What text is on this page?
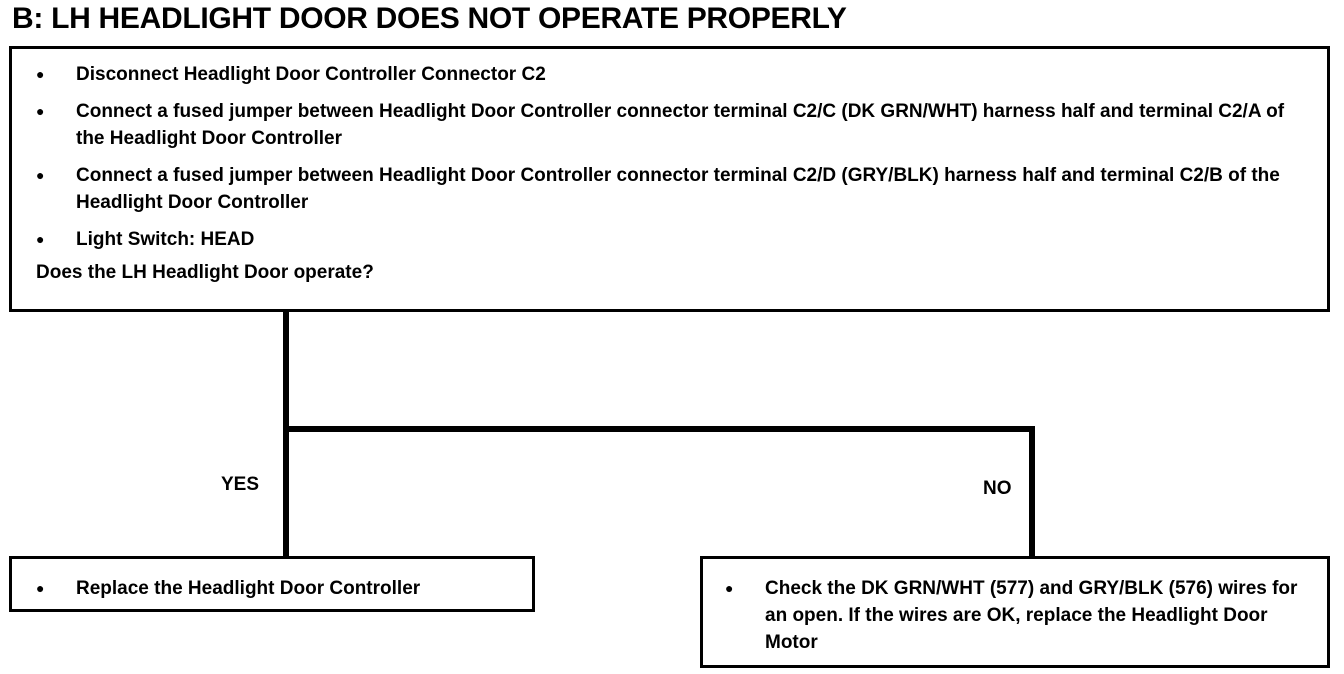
B: LH HEADLIGHT DOOR DOES NOT OPERATE PROPERLY
● Disconnect Headlight Door Controller Connector C2
● Connect a fused jumper between Headlight Door Controller connector terminal C2/C (DK GRN/WHT) harness half and terminal C2/A of the Headlight Door Controller
● Connect a fused jumper between Headlight Door Controller connector terminal C2/D (GRY/BLK) harness half and terminal C2/B of the Headlight Door Controller
● Light Switch: HEAD
Does the LH Headlight Door operate?
YES	NO
● Replace the Headlight Door Controller	● Check the DK GRN/WHT (577) and GRY/BLK (576) wires for an open. If the wires are OK, replace the Headlight Door Motor
